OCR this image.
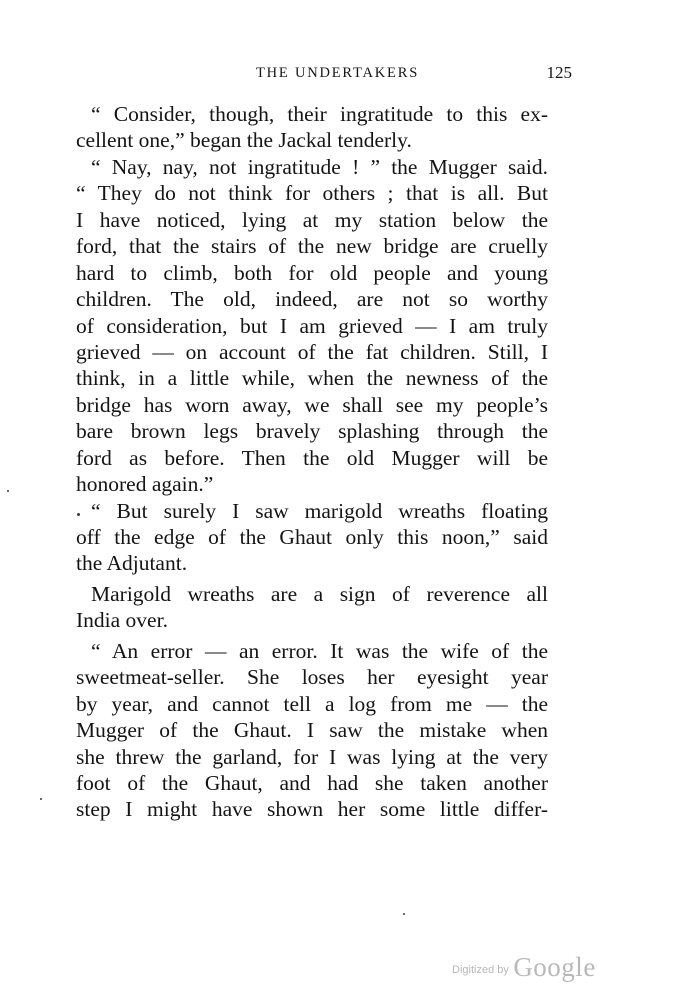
THE UNDERTAKERS	125
“ Consider, though, their ingratitude to this ex-
cellent one,” began the Jackal tenderly.
“ Nay, nay, not ingratitude ! ” the Mugger said.
“ They do not think for others ; that is all. But
I have noticed, lying at my station below the
ford, that the stairs of the new bridge are cruelly
hard to climb, both for old people and young
children. The old, indeed, are not so worthy
of consideration, but I am grieved — I am truly
grieved — on account of the fat children. Still, I
think, in a little while, when the newness of the
bridge has worn away, we shall see my people’s
bare brown legs bravely splashing through the
ford as before. Then the old Mugger will be
honored again.”
“ But surely I saw marigold wreaths floating
off the edge of the Ghaut only this noon,” said
the Adjutant.
Marigold wreaths are a sign of reverence all
India over.
“ An error — an error. It was the wife of the
sweetmeat-seller. She loses her eyesight year
by year, and cannot tell a log from me — the
Mugger of the Ghaut. I saw the mistake when
she threw the garland, for I was lying at the very
foot of the Ghaut, and had she taken another
step I might have shown her some little differ-
Digitized by Google
